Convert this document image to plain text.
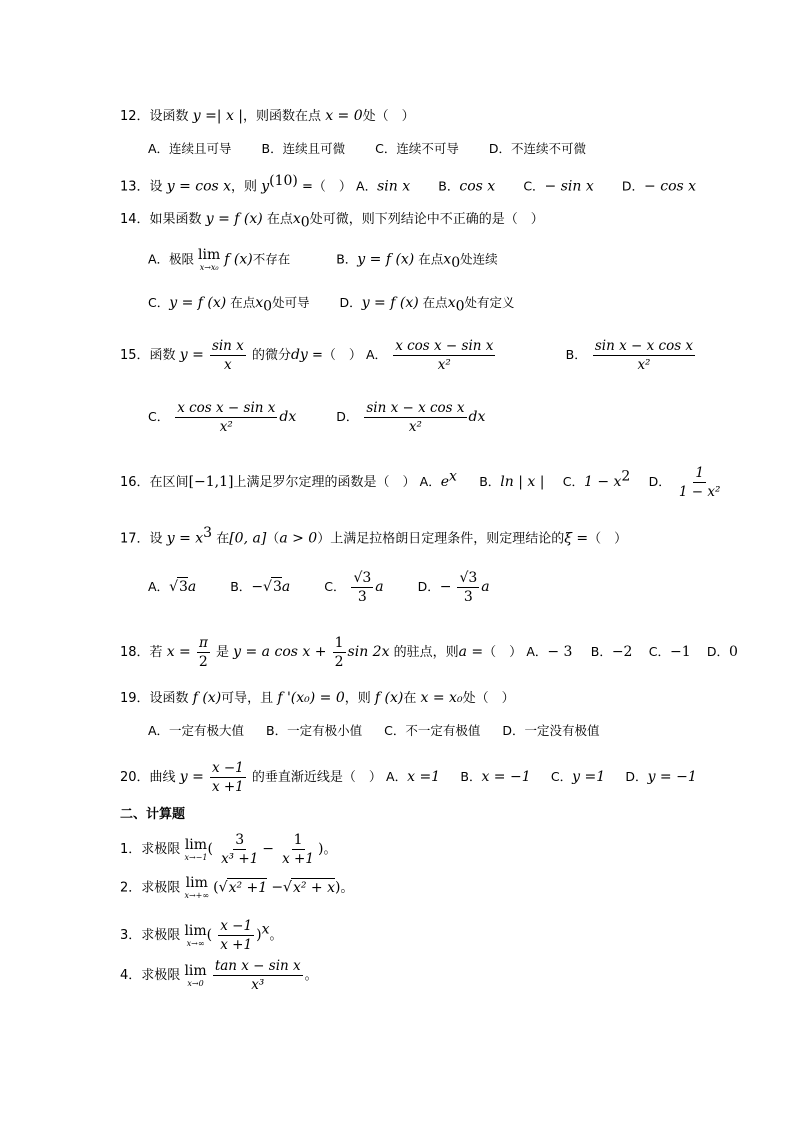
12．设函数 y =| x |，则函数在点 x = 0处（　）
A．连续且可导 B．连续且可微 C．连续不可导 D．不连续不可微
13．设 y = cos x，则 $y^{(10)}$ =（　） A．sin x B．cos x C．− sin x D．− cos x
14．如果函数 y = f (x) 在点$x_0$处可微，则下列结论中不正确的是（　）
A．极限 lim
x→x₀ f (x)不存在	B．y = f (x) 在点$x_0$处连续
C．y = f (x) 在点$x_0$处可导 D．y = f (x) 在点$x_0$处有定义
15．函数 $y = \frac{\text{sin x}}{x}$ 的微分dy =（　） A． $\frac{\text{x cos x − sin x}}{\text{x²}}$	B． $\frac{\text{sin x − x cos x}}{\text{x²}}$
C． $\frac{\text{x cos x − sin x}}{\text{x²}}$ dx	D． $\frac{\text{sin x − x cos x}}{\text{x²}}$ dx
16．在区间[−1,1]上满足罗尔定理的函数是（　） A．$e^x$ B．ln | x | C．$1 - x^2$ D． $\frac{1}{\text{1 − x²}}$
17．设 $y = x^3$ 在[0, a]（a > 0）上满足拉格朗日定理条件，则定理结论的ξ =（　）
A．√3a	B．−√3a	C． $\frac{√3}{3}$ a	D．− $\frac{√3}{3}$ a
18．若 $x = \frac{\pi}{2}$ 是 y = a $\cos x + \frac{1}{2}$ sin 2x 的驻点，则a =（　） A．− 3 B．−2 C．−1 D．0
19．设函数 f (x)可导，且 f '(x₀) = 0，则 f (x)在 x = x₀处（　）
A．一定有极大值 B．一定有极小值 C．不一定有极值 D．一定没有极值
20．曲线 $y = \frac{x -1}{x +1}$ 的垂直渐近线是（　） A．x =1 B．x = −1 C．y =1 D．y = −1
二、计算题
1．求极限 lim
x→−1 ( $\frac{3}{\text{x³ +1}} - \frac{1}{x +1}$ )。
2．求极限 lim
x→+∞ (√x² +1 −√x² + x)。
3．求极限 lim
x→∞ ( $\frac{x -1}{x +1} )^x$。
4．求极限 lim
x→0
$\frac{\text{tan x − sin x}}{\text{x³}}$ 。
